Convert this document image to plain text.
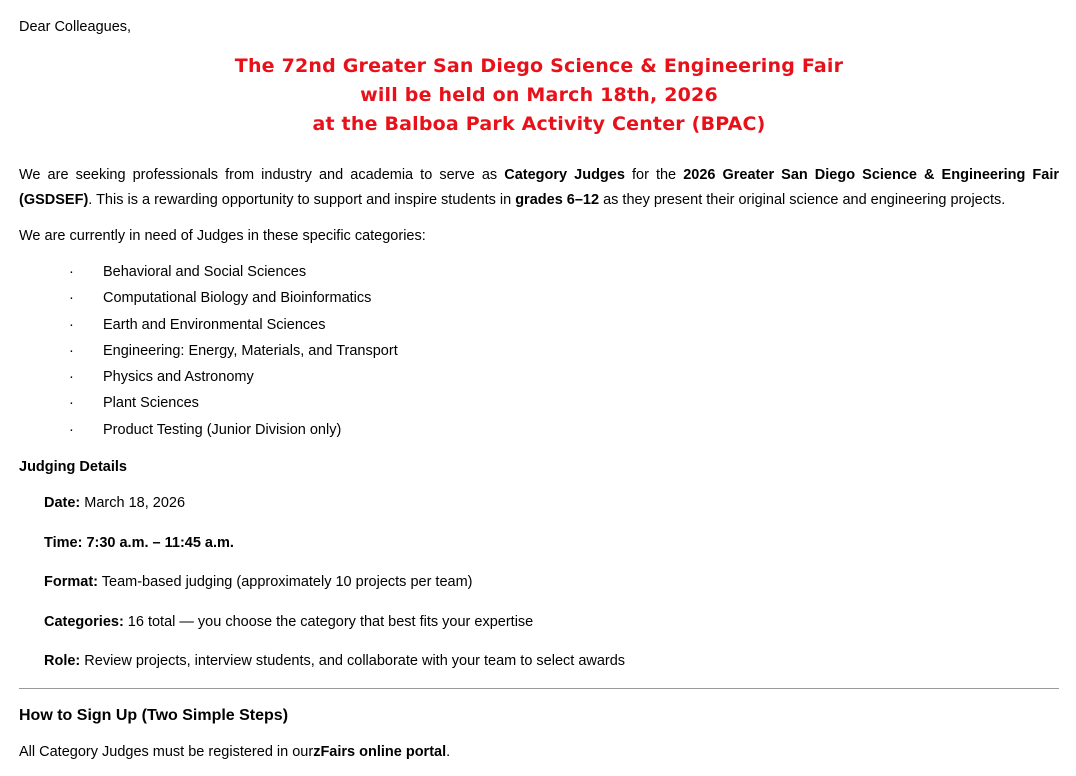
Dear Colleagues,
The 72nd Greater San Diego Science & Engineering Fair
will be held on March 18th, 2026
at the Balboa Park Activity Center (BPAC)
We are seeking professionals from industry and academia to serve as Category Judges for the 2026 Greater San Diego Science & Engineering Fair (GSDSEF). This is a rewarding opportunity to support and inspire students in grades 6–12 as they present their original science and engineering projects.
We are currently in need of Judges in these specific categories:
· Behavioral and Social Sciences
· Computational Biology and Bioinformatics
· Earth and Environmental Sciences
· Engineering: Energy, Materials, and Transport
· Physics and Astronomy
· Plant Sciences
· Product Testing (Junior Division only)
Judging Details
Date: March 18, 2026
Time: 7:30 a.m. – 11:45 a.m.
Format: Team-based judging (approximately 10 projects per team)
Categories: 16 total — you choose the category that best fits your expertise
Role: Review projects, interview students, and collaborate with your team to select awards
How to Sign Up (Two Simple Steps)
All Category Judges must be registered in ourzFairs online portal.
